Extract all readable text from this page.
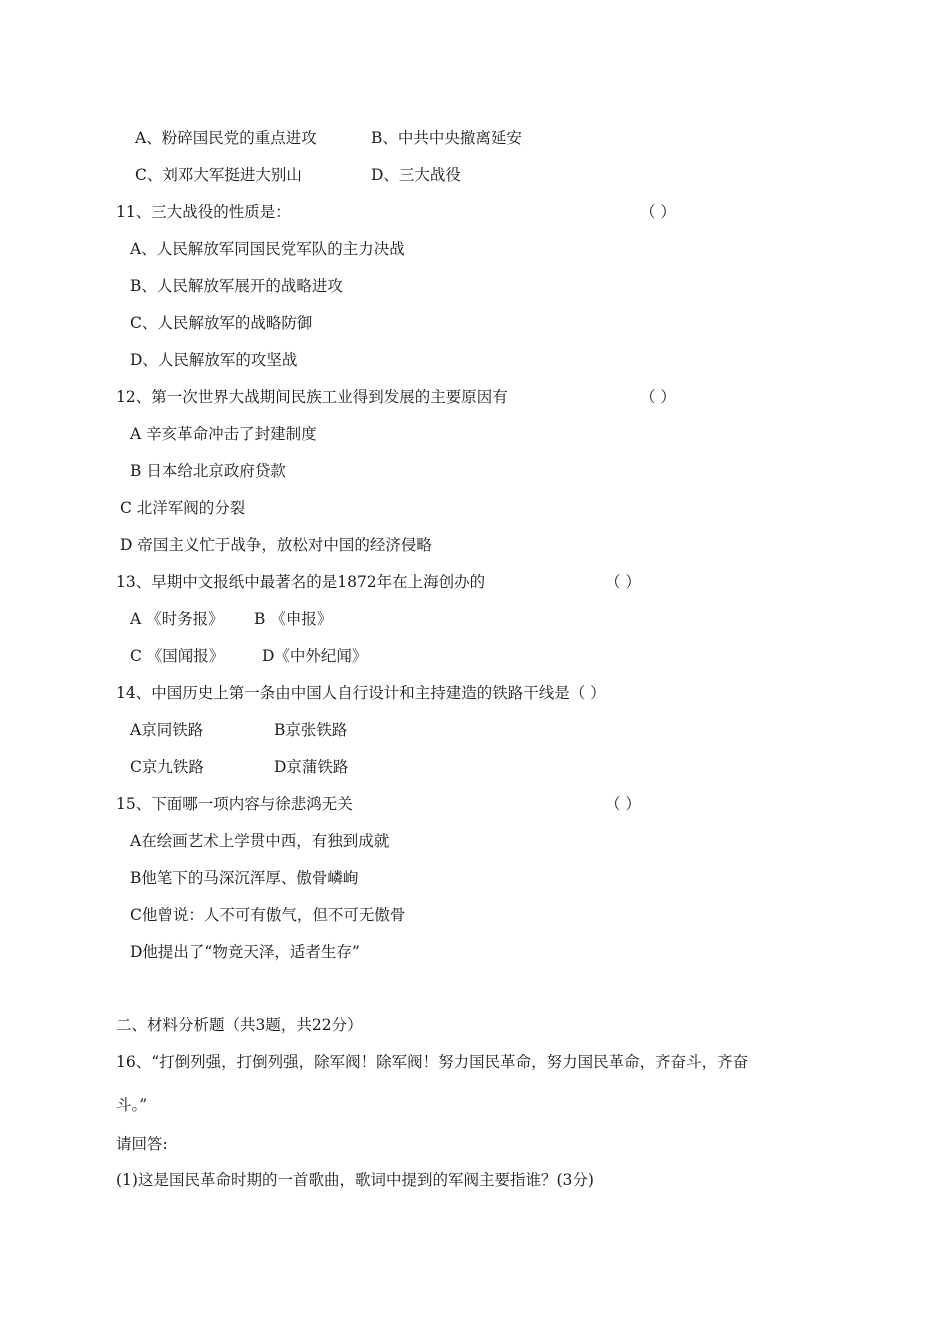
A、粉碎国民党的重点进攻	B、中共中央撤离延安
C、刘邓大军挺进大别山	D、三大战役
11、三大战役的性质是：	（ ）
A、人民解放军同国民党军队的主力决战
B、人民解放军展开的战略进攻
C、人民解放军的战略防御
D、人民解放军的攻坚战
12、第一次世界大战期间民族工业得到发展的主要原因有	（ ）
A 辛亥革命冲击了封建制度
B 日本给北京政府贷款
C 北洋军阀的分裂
D 帝国主义忙于战争，放松对中国的经济侵略
13、早期中文报纸中最著名的是1872年在上海创办的	（ ）
A 《时务报》 B 《申报》
C 《国闻报》 D《中外纪闻》
14、中国历史上第一条由中国人自行设计和主持建造的铁路干线是（ ）
A京同铁路	B京张铁路
C京九铁路	D京蒲铁路
15、下面哪一项内容与徐悲鸿无关	（ ）
A在绘画艺术上学贯中西，有独到成就
B他笔下的马深沉浑厚、傲骨嶙峋
C他曾说：人不可有傲气，但不可无傲骨
D他提出了“物竞天泽，适者生存”
二、材料分析题（共3题，共22分）
16、“打倒列强，打倒列强，除军阀！除军阀！努力国民革命，努力国民革命，齐奋斗，齐奋
斗。”
请回答:
(1)这是国民革命时期的一首歌曲，歌词中提到的军阀主要指谁？(3分)
